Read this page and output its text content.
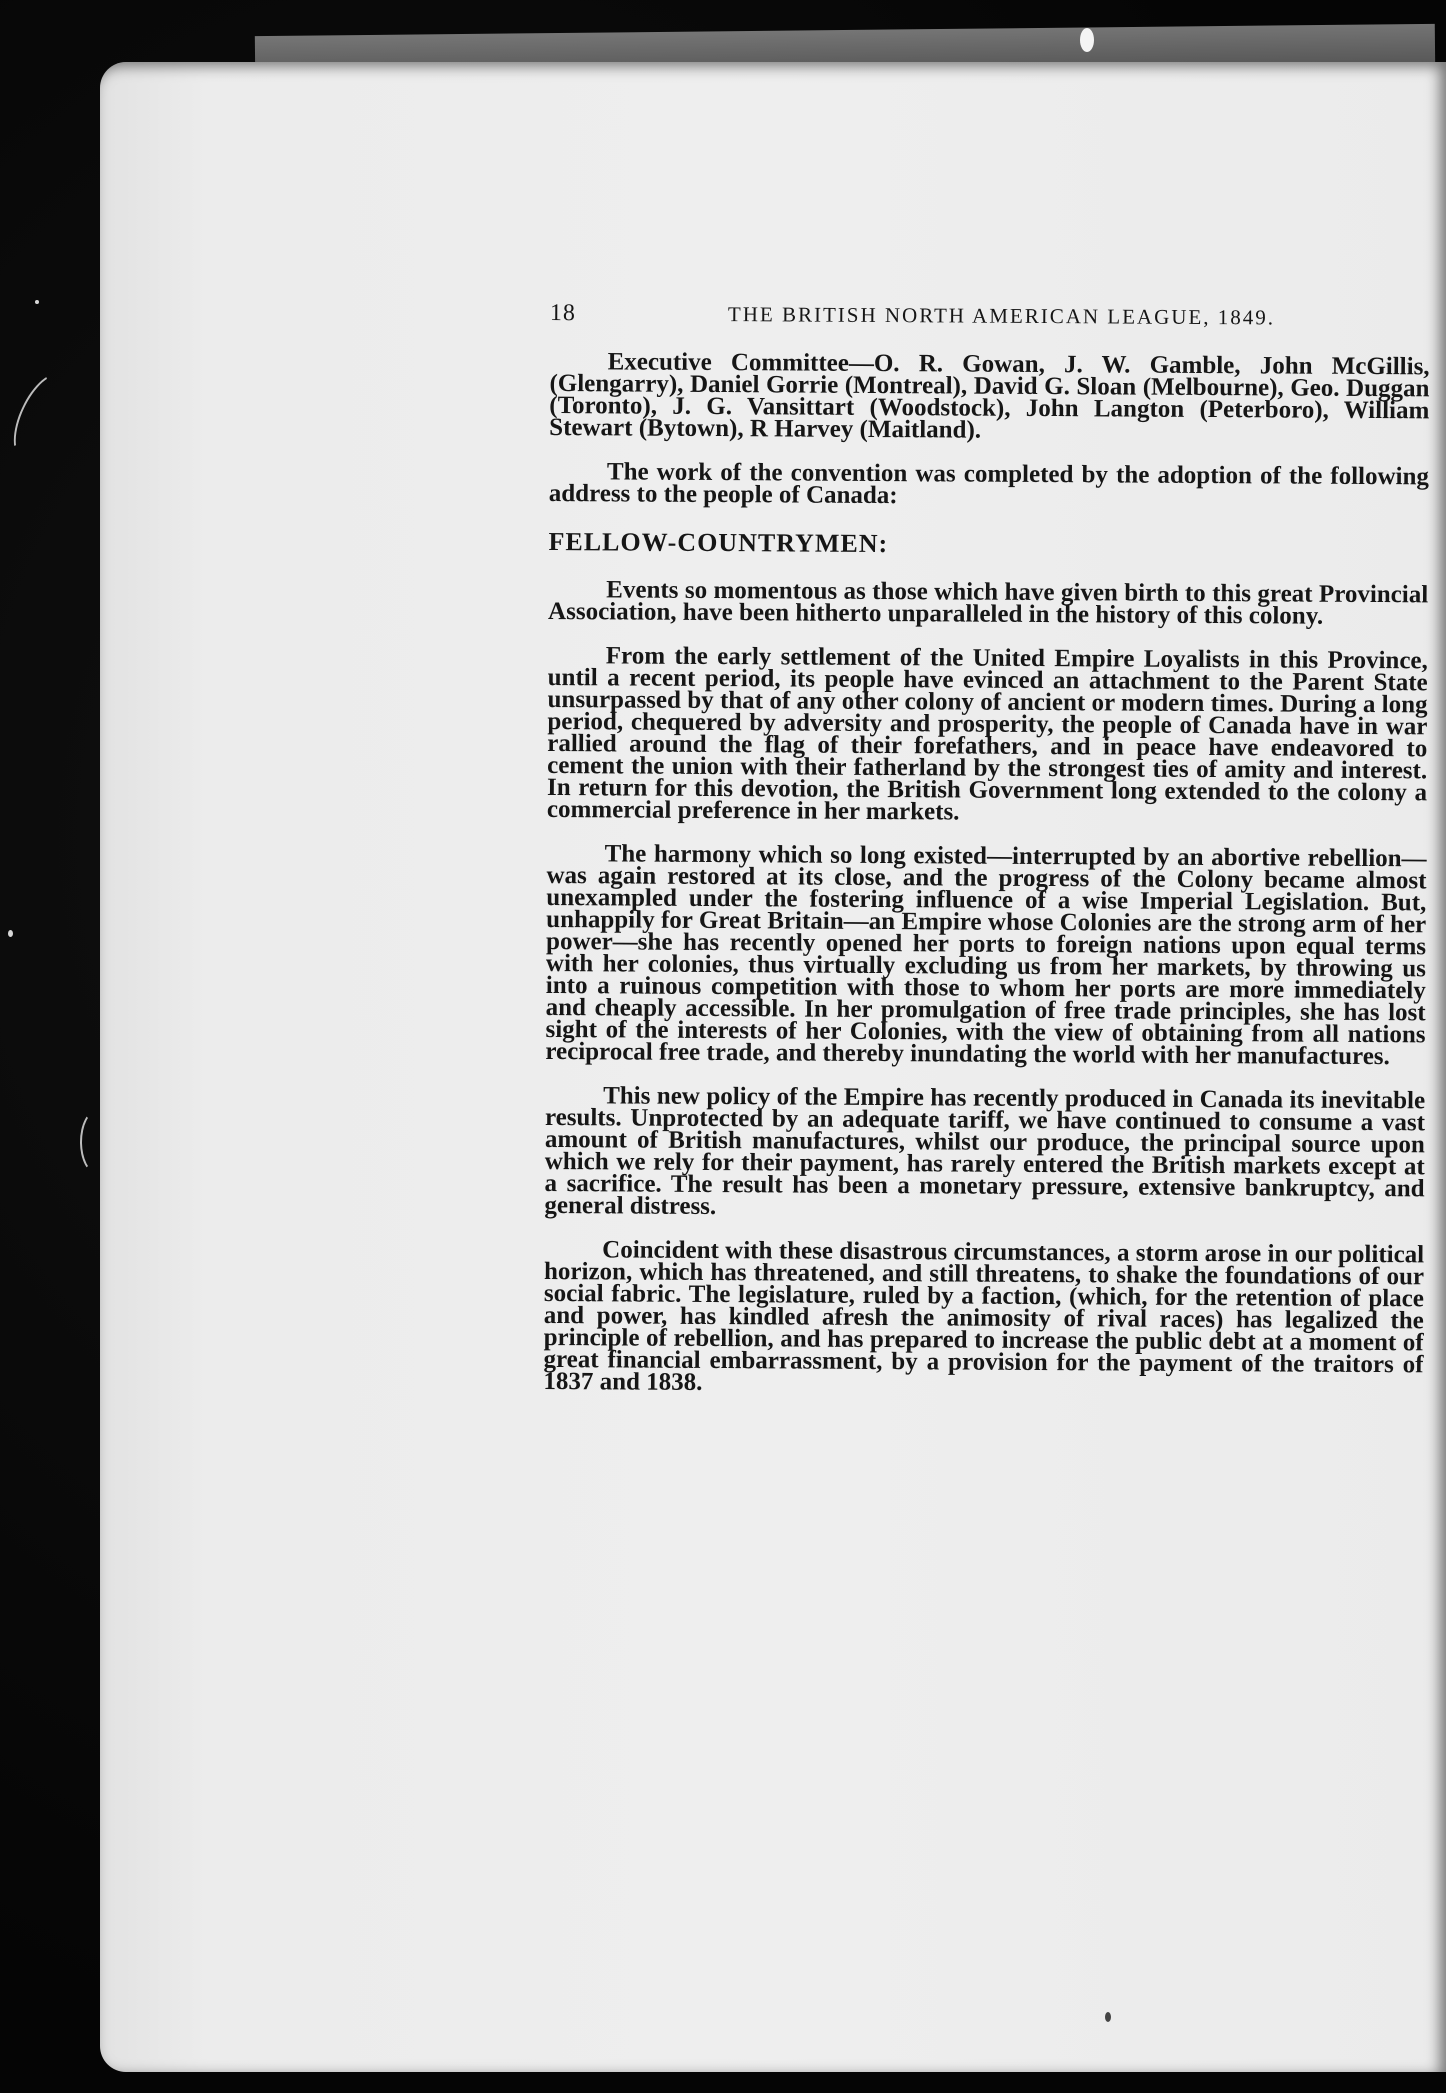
18	THE BRITISH NORTH AMERICAN LEAGUE, 1849.

Executive Committee—O. R. Gowan, J. W. Gamble, John McGillis, (Glengarry), Daniel Gorrie (Montreal), David G. Sloan (Melbourne), Geo. Duggan (Toronto), J. G. Vansittart (Woodstock), John Langton (Peterboro), William Stewart (Bytown), R Harvey (Maitland).

The work of the convention was completed by the adoption of the following address to the people of Canada:

FELLOW-COUNTRYMEN:

Events so momentous as those which have given birth to this great Provincial Association, have been hitherto unparalleled in the history of this colony.

From the early settlement of the United Empire Loyalists in this Province, until a recent period, its people have evinced an attachment to the Parent State unsurpassed by that of any other colony of ancient or modern times. During a long period, chequered by adversity and prosperity, the people of Canada have in war rallied around the flag of their forefathers, and in peace have endeavored to cement the union with their fatherland by the strongest ties of amity and interest. In return for this devotion, the British Government long extended to the colony a commercial preference in her markets.

The harmony which so long existed—interrupted by an abortive rebellion—was again restored at its close, and the progress of the Colony became almost unexampled under the fostering influence of a wise Imperial Legislation. But, unhappily for Great Britain—an Empire whose Colonies are the strong arm of her power—she has recently opened her ports to foreign nations upon equal terms with her colonies, thus virtually excluding us from her markets, by throwing us into a ruinous competition with those to whom her ports are more immediately and cheaply accessible. In her promulgation of free trade principles, she has lost sight of the interests of her Colonies, with the view of obtaining from all nations reciprocal free trade, and thereby inundating the world with her manufactures.

This new policy of the Empire has recently produced in Canada its inevitable results. Unprotected by an adequate tariff, we have continued to consume a vast amount of British manufactures, whilst our produce, the principal source upon which we rely for their payment, has rarely entered the British markets except at a sacrifice. The result has been a monetary pressure, extensive bankruptcy, and general distress.

Coincident with these disastrous circumstances, a storm arose in our political horizon, which has threatened, and still threatens, to shake the foundations of our social fabric. The legislature, ruled by a faction, (which, for the retention of place and power, has kindled afresh the animosity of rival races) has legalized the principle of rebellion, and has prepared to increase the public debt at a moment of great financial embarrassment, by a provision for the payment of the traitors of 1837 and 1838.
